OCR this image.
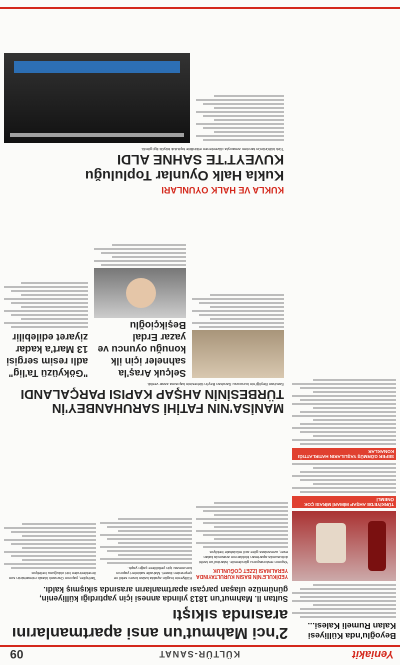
Yeniakit
KÜLTÜR-SANAT
09
Beyoğlu'nda Külliyesi Kalan Rumeli Kalesi...
TÜRKİYE'DE AHŞAP MİMARİ MİRASI ÇOK ÖNEMLİ
SEFER GÖRMÜŞ YAŞLILARIN HATIRLATTIĞI KONAKLAR
2'nci Mahmut'un ansi apartmanlarını arasında sıkıştı
Sultan II. Mahmut'un 1813 yılında annesi için yaptırdığı külliyenin, günümüze ulaşan parçası apartmanların arasında sıkışmış kaldı.
YEDİKULE'NİN BASIN KURULTAYINDA YERALMASI İZZET ÇOĞUNLUK
Yapının restorasyonu gündemde. İstanbul'un tarihi dokusunda apartman bloklarının arasında kalan eser, uzmanlara göre acil müdahale bekliyor.
Külliyenin bugün ayakta kalan kısmı sebil ve çeşmeden ibaret. Mahalle sakinleri yapının korunması için yetkililere çağrı yaptı.
Tarihçiler, yapının Osmanlı klasik mimarisinin son örneklerinden biri olduğunu belirtiyor.
MANİSA'NIN FATİHİ SARUHANBEY'İN TÜRBESİNİN AHŞAP KAPISI PARÇALANDI
Saruhan Beyliği'nin kurucusu Saruhan Bey'in türbesinin kapısına zarar verildi.
Selçuk Araş'la sahneler için ilk konuğu oyuncu ve yazar Erdal Beşikçioğlu
"Gökyüzü Ta'lig" adlı resim sergisi 13 Mart'a kadar ziyaret edilebilir
KUKLA VE HALK OYUNLARI
Kukla Halk Oyunlar Topluluğu KUVEYT'TE SAHNE ALDI
Türk kültürünün tanıtımı amacıyla düzenlenen etkinlikte topluluk büyük ilgi gördü.
